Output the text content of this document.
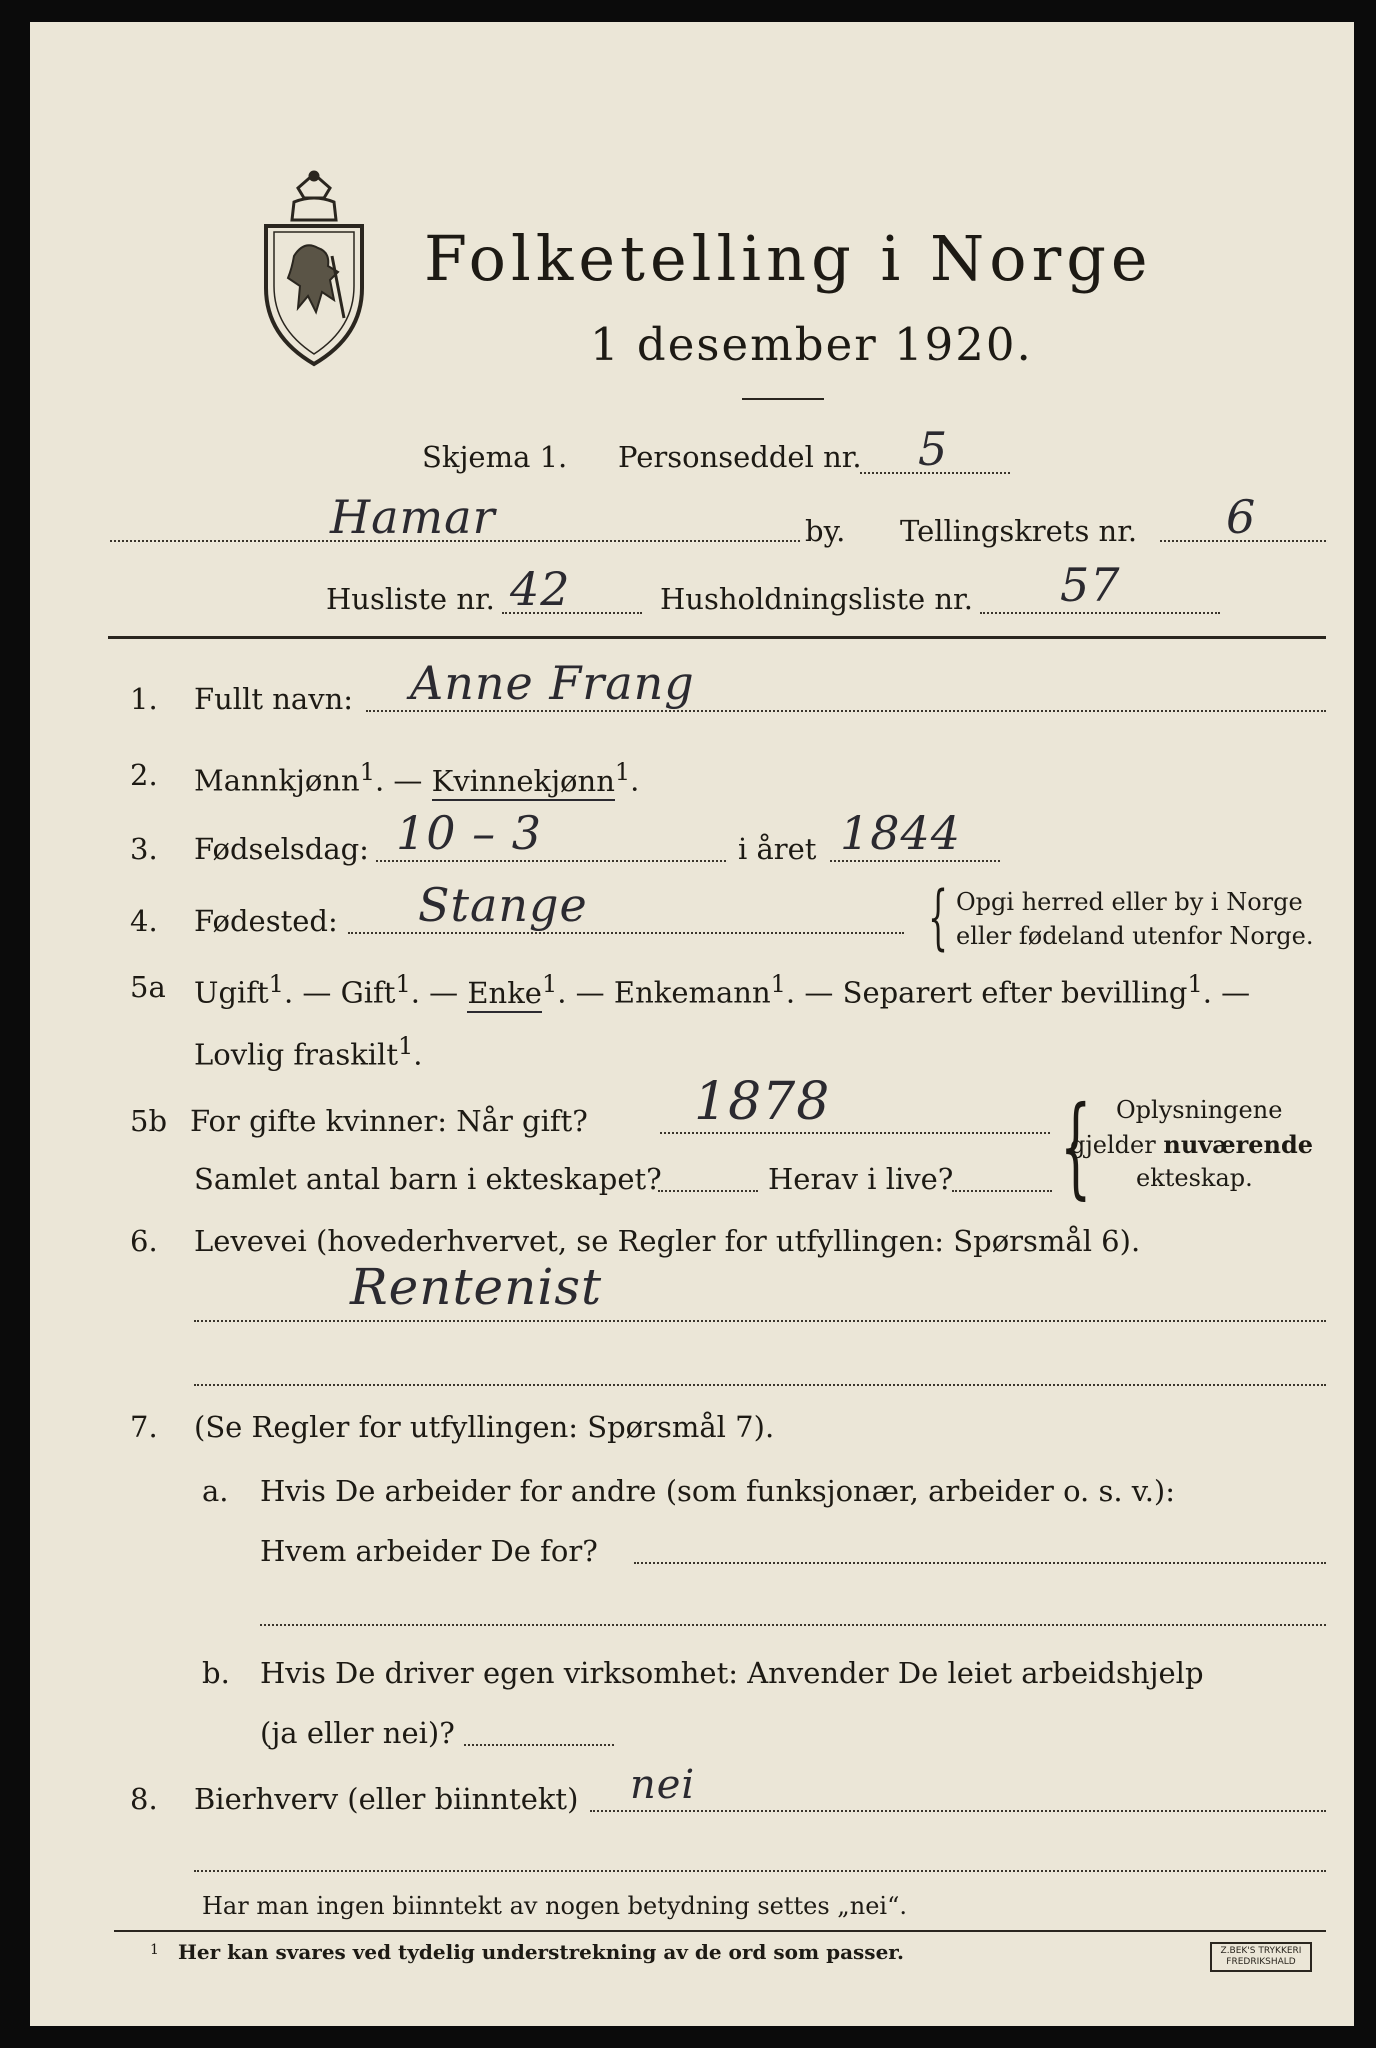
Folketelling i Norge
1 desember 1920.
Skjema 1. Personseddel nr. 5
Hamar	by. Tellingskrets nr. 6
Husliste nr. 42	Husholdningsliste nr. 57
1. Fullt navn: Anne Frang
2. Mannkjønn$^1$. — Kvinnekjønn$^1$.
3. Fødselsdag: 10 – 3	i året 1844
4. Fødested: Stange	{ Opgi herred eller by i Norge
eller fødeland utenfor Norge.
5a Ugift$^1$. — Gift$^1$. — Enke$^1$. — Enkemann$^1$. — Separert efter bevilling$^1$. —
Lovlig fraskilt$^1$.
5b For gifte kvinner: Når gift? 1878
Samlet antal barn i ekteskapet?	Herav i live? { Oplysningene
gjelder nuværende
ekteskap.
6. Levevei (hovederhvervet, se Regler for utfyllingen: Spørsmål 6).
Rentenist
7. (Se Regler for utfyllingen: Spørsmål 7).
a. Hvis De arbeider for andre (som funksjonær, arbeider o. s. v.):
Hvem arbeider De for?
b. Hvis De driver egen virksomhet: Anvender De leiet arbeidshjelp
(ja eller nei)?
8. Bierhverv (eller biinntekt) nei
Har man ingen biinntekt av nogen betydning settes „nei“.
1 Her kan svares ved tydelig understrekning av de ord som passer.	Z.BEK'S TRYKKERI
FREDRIKSHALD
